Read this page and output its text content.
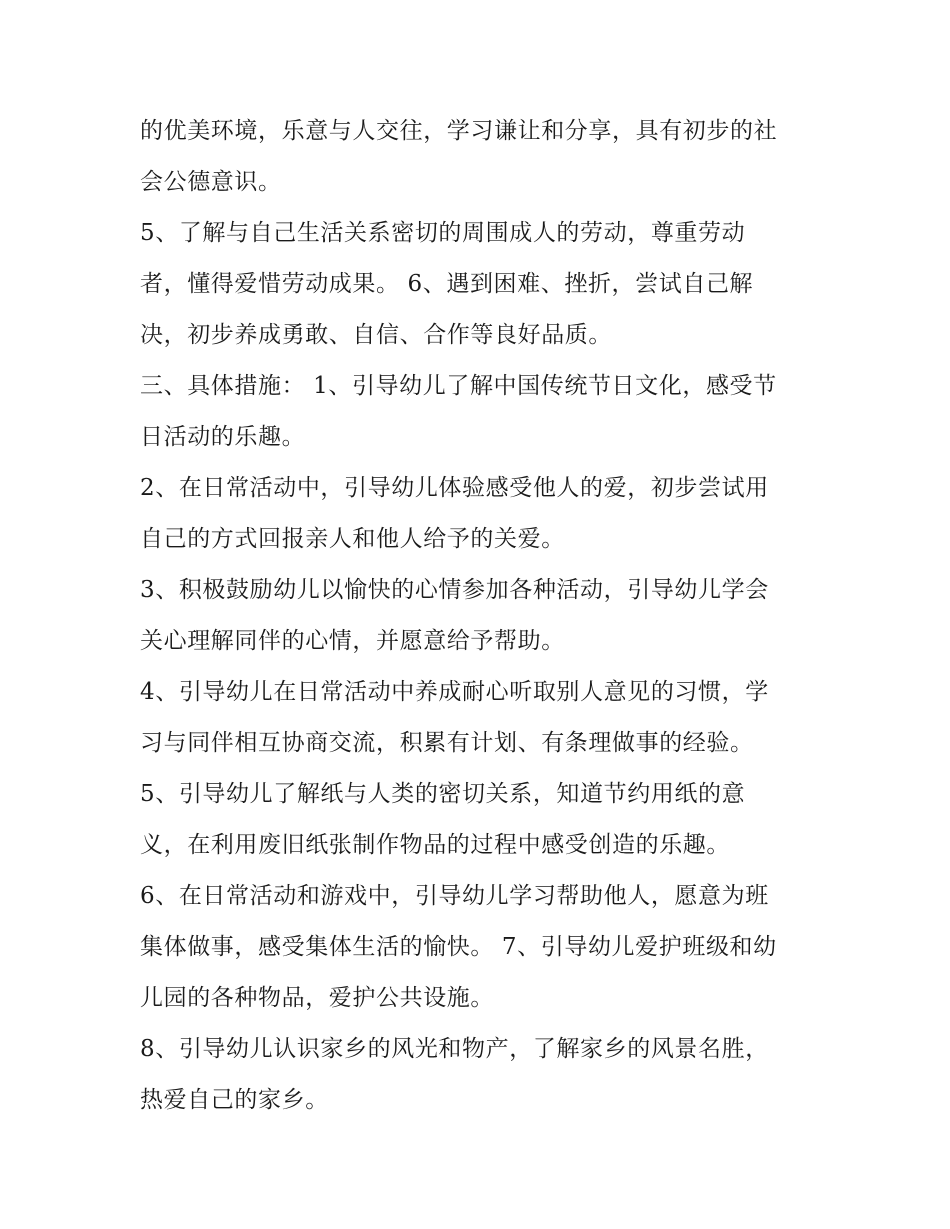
的优美环境，乐意与人交往，学习谦让和分享，具有初步的社
会公德意识。
5、了解与自己生活关系密切的周围成人的劳动，尊重劳动
者，懂得爱惜劳动成果。 6、遇到困难、挫折，尝试自己解
决，初步养成勇敢、自信、合作等良好品质。
三、具体措施： 1、引导幼儿了解中国传统节日文化，感受节
日活动的乐趣。
2、在日常活动中，引导幼儿体验感受他人的爱，初步尝试用
自己的方式回报亲人和他人给予的关爱。
3、积极鼓励幼儿以愉快的心情参加各种活动，引导幼儿学会
关心理解同伴的心情，并愿意给予帮助。
4、引导幼儿在日常活动中养成耐心听取别人意见的习惯，学
习与同伴相互协商交流，积累有计划、有条理做事的经验。
5、引导幼儿了解纸与人类的密切关系，知道节约用纸的意
义，在利用废旧纸张制作物品的过程中感受创造的乐趣。
6、在日常活动和游戏中，引导幼儿学习帮助他人，愿意为班
集体做事，感受集体生活的愉快。 7、引导幼儿爱护班级和幼
儿园的各种物品，爱护公共设施。
8、引导幼儿认识家乡的风光和物产，了解家乡的风景名胜，
热爱自己的家乡。
